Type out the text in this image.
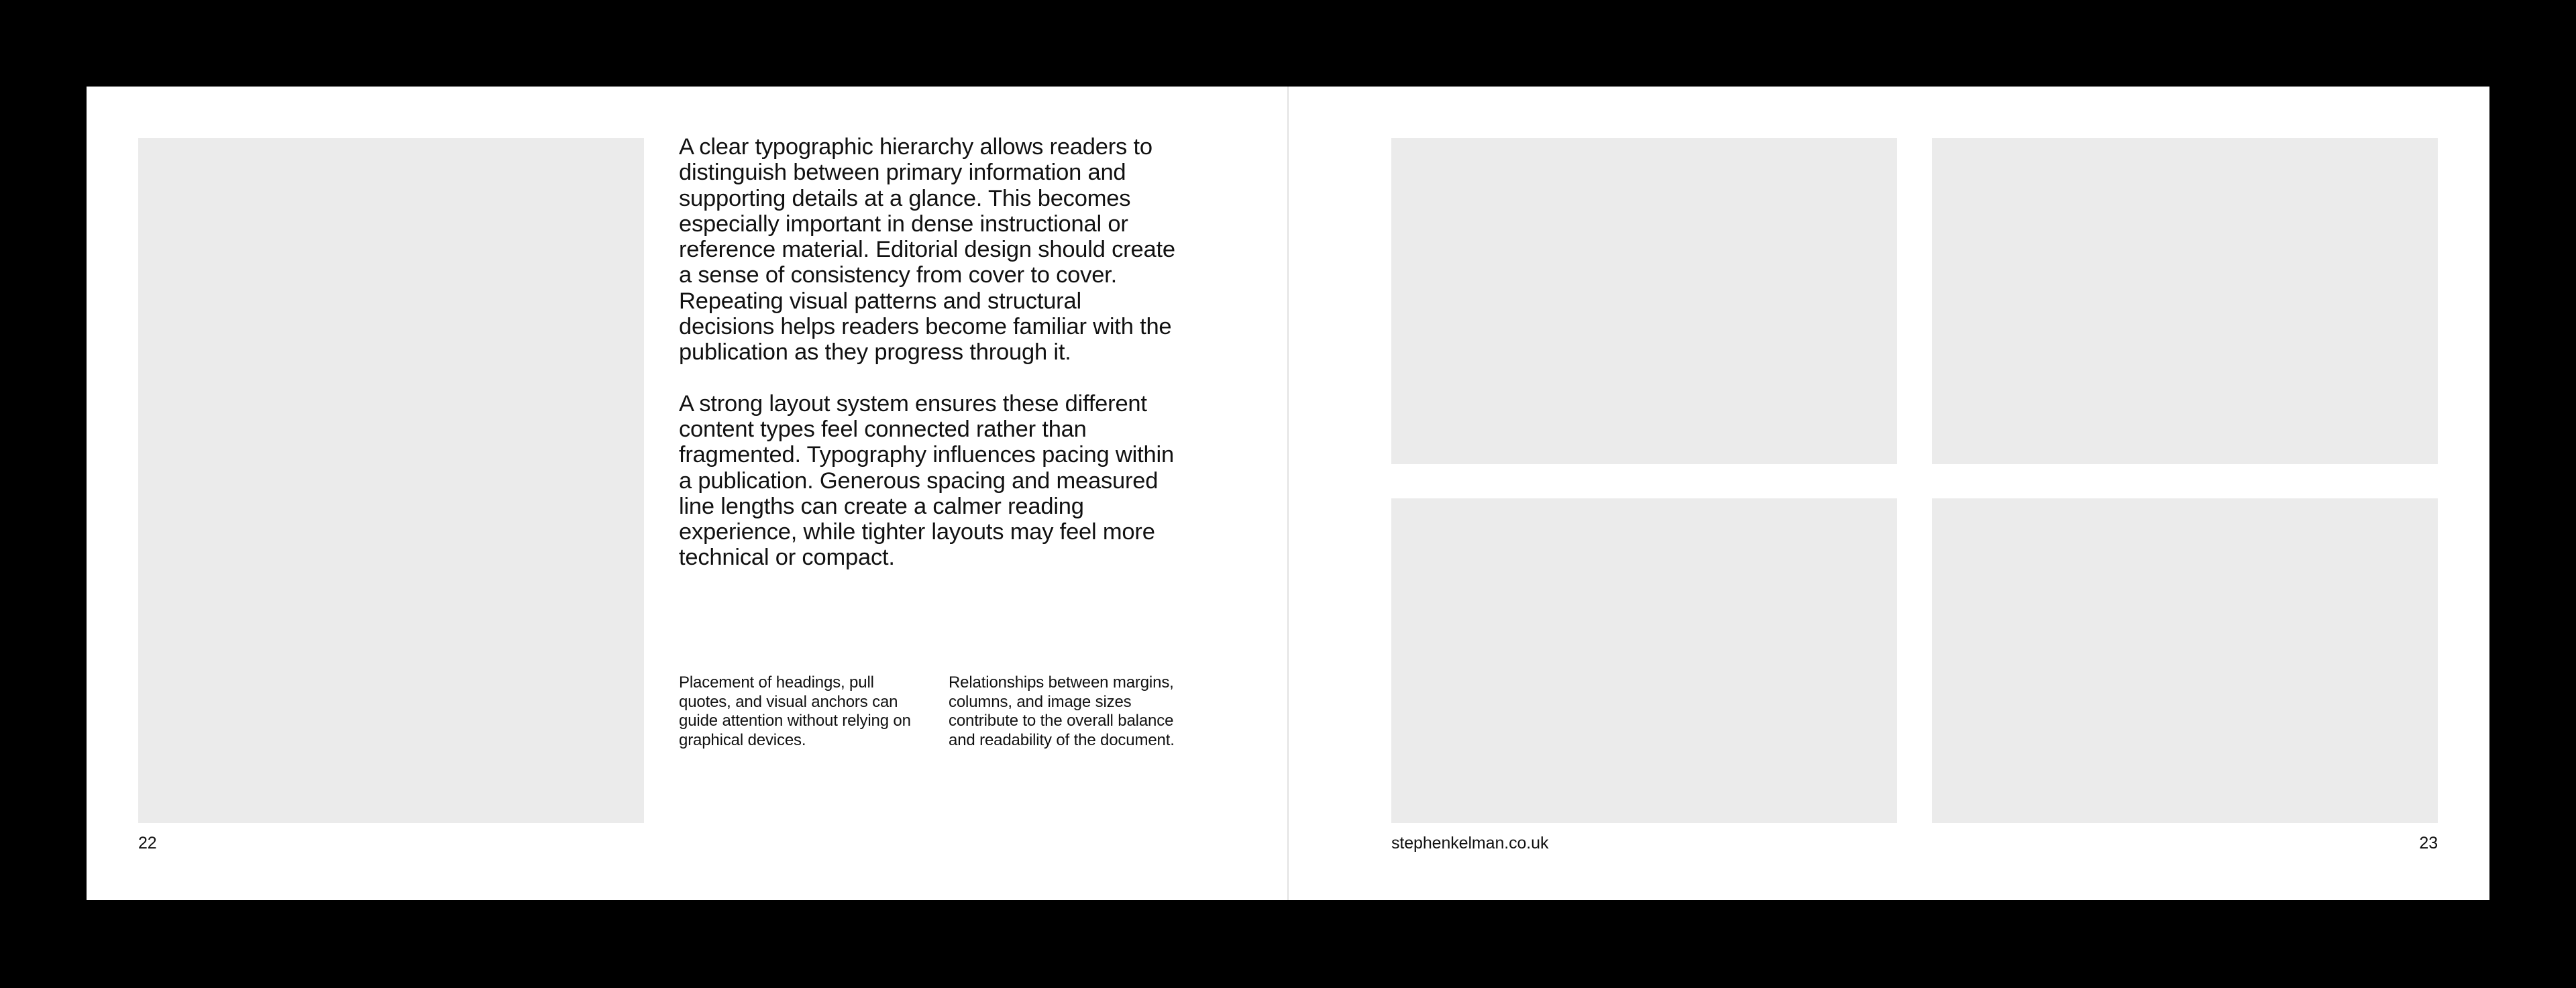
A clear typographic hierarchy allows readers to distinguish between primary information and supporting details at a glance. This becomes especially important in dense instructional or reference material. Editorial design should create a sense of consistency from cover to cover. Repeating visual patterns and structural decisions helps readers become familiar with the publication as they progress through it.

A strong layout system ensures these different content types feel connected rather than fragmented. Typography influences pacing within a publication. Generous spacing and measured line lengths can create a calmer reading experience, while tighter layouts may feel more technical or compact.

Placement of headings, pull quotes, and visual anchors can guide attention without relying on graphical devices.
Relationships between margins, columns, and image sizes contribute to the overall balance and readability of the document.
22	stephenkelman.co.uk	23
